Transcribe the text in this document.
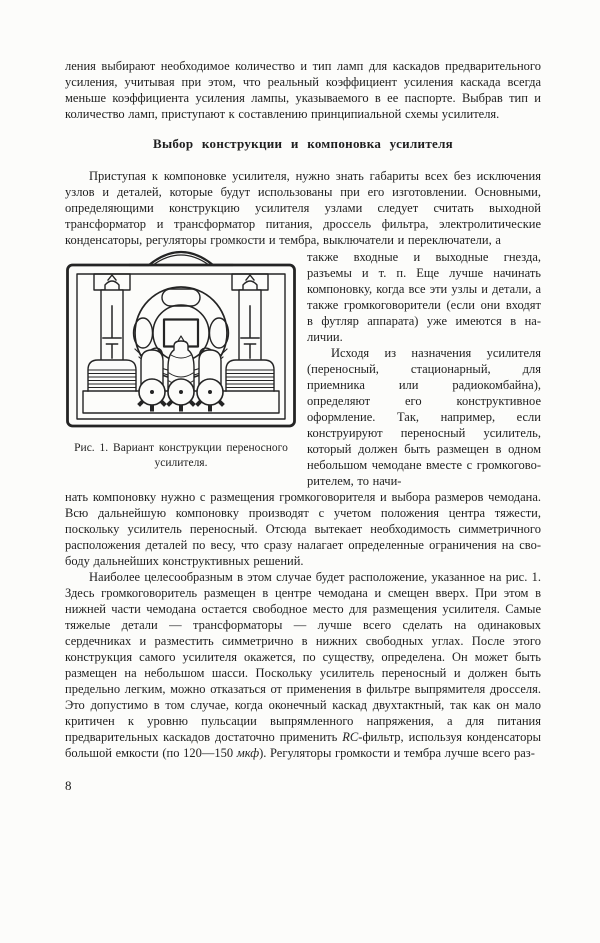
ления выбирают необходимое количество и тип ламп для каскадов предварительного усиления, учитывая при этом, что реальный коэффициент усиления каскада всегда меньше коэффициента усиления лампы, указываемого в ее паспорте. Выбрав тип и количество ламп, приступают к составлению принципиальной схемы усилителя.

Выбор конструкции и компоновка усилителя

Приступая к компоновке усилителя, нужно знать габариты всех без исключения узлов и деталей, которые будут использованы при его изготовлении. Основными, определяющими конструкцию усилителя узлами следует считать выходной трансформатор и трансформатор питания, дроссель фильтра, электролитические конденсаторы, регуляторы громкости и тембра, выключатели и переключатели, а

Рис. 1. Вариант конструкции переносного усилителя.

также входные и выходные гнезда, разъемы и т. п. Еще лучше начинать компоновку, когда все эти узлы и детали, а также громкоговорители (если они входят в футляр аппарата) уже имеются в наличии.

Исходя из назначения усилителя (переносный, стационарный, для приемника или радиокомбайна), определяют его конструктивное оформление. Так, например, если конструируют переносный усилитель, который должен быть размещен в одном небольшом чемодане вместе с громкоговорителем, то начи-

нать компоновку нужно с размещения громкоговорителя и выбора размеров чемодана. Всю дальнейшую компоновку производят с учетом положения центра тяжести, поскольку усилитель переносный. Отсюда вытекает необходимость симметричного расположения деталей по весу, что сразу налагает определенные ограничения на свободу дальнейших конструктивных решений.

Наиболее целесообразным в этом случае будет расположение, указанное на рис. 1. Здесь громкоговоритель размещен в центре чемодана и смещен вверх. При этом в нижней части чемодана остается свободное место для размещения усилителя. Самые тяжелые детали — трансформаторы — лучше всего сделать на одинаковых сердечниках и разместить симметрично в нижних свободных углах. После этого конструкция самого усилителя окажется, по существу, определена. Он может быть размещен на небольшом шасси. Поскольку усилитель переносный и должен быть предельно легким, можно отказаться от применения в фильтре выпрямителя дросселя. Это допустимо в том случае, когда оконечный каскад двухтактный, так как он мало критичен к уровню пульсации выпрямленного напряжения, а для питания предварительных каскадов достаточно применить RC-фильтр, используя конденсаторы большой емкости (по 120—150 мкф). Регуляторы громкости и тембра лучше всего раз-

8
